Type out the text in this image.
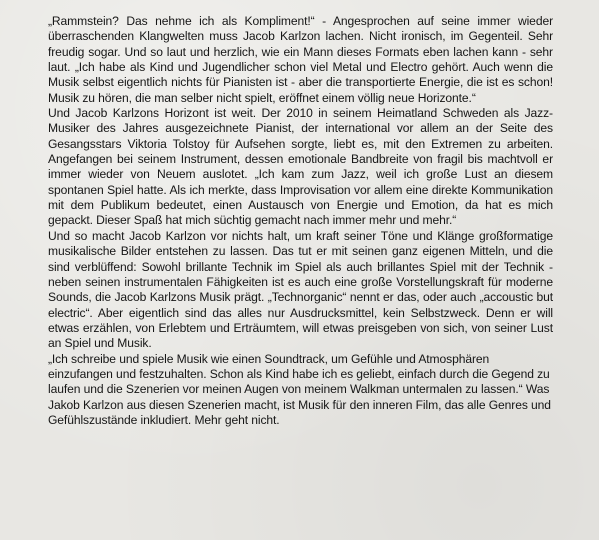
„Rammstein? Das nehme ich als Kompliment!“ - Angesprochen auf seine immer wieder überraschenden Klangwelten muss Jacob Karlzon lachen. Nicht ironisch, im Gegenteil. Sehr freudig sogar. Und so laut und herzlich, wie ein Mann dieses Formats eben lachen kann - sehr laut. „Ich habe als Kind und Jugendlicher schon viel Metal und Electro gehört. Auch wenn die Musik selbst eigentlich nichts für Pianisten ist - aber die transportierte Energie, die ist es schon! Musik zu hören, die man selber nicht spielt, eröffnet einem völlig neue Horizonte.“

Und Jacob Karlzons Horizont ist weit. Der 2010 in seinem Heimatland Schweden als Jazz-Musiker des Jahres ausgezeichnete Pianist, der international vor allem an der Seite des Gesangsstars Viktoria Tolstoy für Aufsehen sorgte, liebt es, mit den Extremen zu arbeiten. Angefangen bei seinem Instrument, dessen emotionale Bandbreite von fragil bis machtvoll er immer wieder von Neuem auslotet. „Ich kam zum Jazz, weil ich große Lust an diesem spontanen Spiel hatte. Als ich merkte, dass Improvisation vor allem eine direkte Kommunikation mit dem Publikum bedeutet, einen Austausch von Energie und Emotion, da hat es mich gepackt. Dieser Spaß hat mich süchtig gemacht nach immer mehr und mehr.“

Und so macht Jacob Karlzon vor nichts halt, um kraft seiner Töne und Klänge großformatige musikalische Bilder entstehen zu lassen. Das tut er mit seinen ganz eigenen Mitteln, und die sind verblüffend: Sowohl brillante Technik im Spiel als auch brillantes Spiel mit der Technik - neben seinen instrumentalen Fähigkeiten ist es auch eine große Vorstellungskraft für moderne Sounds, die Jacob Karlzons Musik prägt. „Technorganic“ nennt er das, oder auch „accoustic but electric“. Aber eigentlich sind das alles nur Ausdrucksmittel, kein Selbstzweck. Denn er will etwas erzählen, von Erlebtem und Erträumtem, will etwas preisgeben von sich, von seiner Lust an Spiel und Musik.

„Ich schreibe und spiele Musik wie einen Soundtrack, um Gefühle und Atmosphären einzufangen und festzuhalten. Schon als Kind habe ich es geliebt, einfach durch die Gegend zu laufen und die Szenerien vor meinen Augen von meinem Walkman untermalen zu lassen.“ Was Jakob Karlzon aus diesen Szenerien macht, ist Musik für den inneren Film, das alle Genres und Gefühlszustände inkludiert. Mehr geht nicht.
